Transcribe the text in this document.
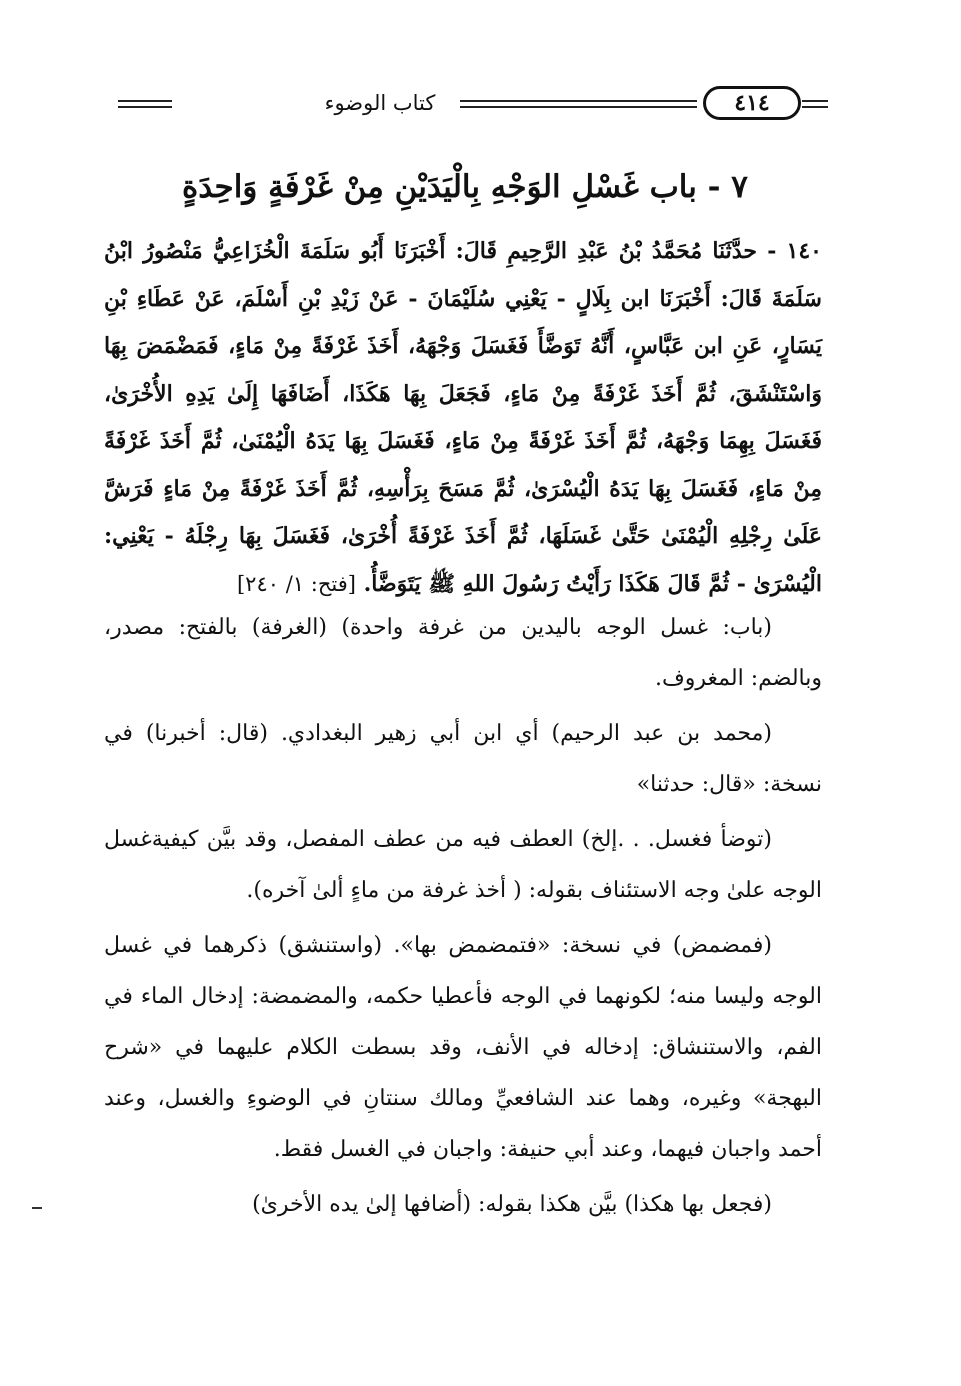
كتاب الوضوء	٤١٤
٧ - باب غَسْلِ الوَجْهِ بِالْيَدَيْنِ مِنْ غَرْفَةٍ وَاحِدَةٍ
١٤٠ - حدَّثَنَا مُحَمَّدُ بْنُ عَبْدِ الرَّحِيمِ قَالَ: أَخْبَرَنَا أَبُو سَلَمَةَ الْخُزَاعِيُّ مَنْصُورُ ابْنُ سَلَمَةَ قَالَ: أَخْبَرَنَا ابن بِلَالٍ - يَعْنِي سُلَيْمَانَ - عَنْ زَيْدِ بْنِ أَسْلَمَ، عَنْ عَطَاءِ بْنِ يَسَارٍ، عَنِ ابن عَبَّاسٍ، أَنَّهُ تَوَضَّأَ فَغَسَلَ وَجْهَهُ، أَخَذَ غَرْفَةً مِنْ مَاءٍ، فَمَضْمَضَ بِهَا وَاسْتَنْشَقَ، ثُمَّ أَخَذَ غَرْفَةً مِنْ مَاءٍ، فَجَعَلَ بِهَا هَكَذَا، أَضَافَهَا إِلَىٰ يَدِهِ الأُخْرَىٰ، فَغَسَلَ بِهِمَا وَجْهَهُ، ثُمَّ أَخَذَ غَرْفَةً مِنْ مَاءٍ، فَغَسَلَ بِهَا يَدَهُ الْيُمْنَىٰ، ثُمَّ أَخَذَ غَرْفَةً مِنْ مَاءٍ، فَغَسَلَ بِهَا يَدَهُ الْيُسْرَىٰ، ثُمَّ مَسَحَ بِرَأْسِهِ، ثُمَّ أَخَذَ غَرْفَةً مِنْ مَاءٍ فَرَشَّ عَلَىٰ رِجْلِهِ الْيُمْنَىٰ حَتَّىٰ غَسَلَهَا، ثُمَّ أَخَذَ غَرْفَةً أُخْرَىٰ، فَغَسَلَ بِهَا رِجْلَهُ - يَعْنِي: الْيُسْرَىٰ - ثُمَّ قَالَ هَكَذَا رَأَيْتُ رَسُولَ اللهِ ﷺ يَتَوَضَّأُ. [فتح: ١/ ٢٤٠]

(باب: غسل الوجه باليدين من غرفة واحدة) (الغرفة) بالفتح: مصدر، وبالضم: المغروف.

(محمد بن عبد الرحيم) أي ابن أبي زهير البغدادي. (قال: أخبرنا) في نسخة: «قال: حدثنا»

(توضأ فغسل. . .إلخ) العطف فيه من عطف المفصل، وقد بيَّن كيفيةغسل الوجه علىٰ وجه الاستئناف بقوله: ( أخذ غرفة من ماءٍ ألىٰ آخره).

(فمضمض) في نسخة: «فتمضمض بها». (واستنشق) ذكرهما في غسل الوجه وليسا منه؛ لكونهما في الوجه فأعطيا حكمه، والمضمضة: إدخال الماء في الفم، والاستنشاق: إدخاله في الأنف، وقد بسطت الكلام عليهما في «شرح البهجة» وغيره، وهما عند الشافعيِّ ومالك سنتانِ في الوضوءِ والغسل، وعند أحمد واجبان فيهما، وعند أبي حنيفة: واجبان في الغسل فقط.

(فجعل بها هكذا) بيَّن هكذا بقوله: (أضافها إلىٰ يده الأخرىٰ)
